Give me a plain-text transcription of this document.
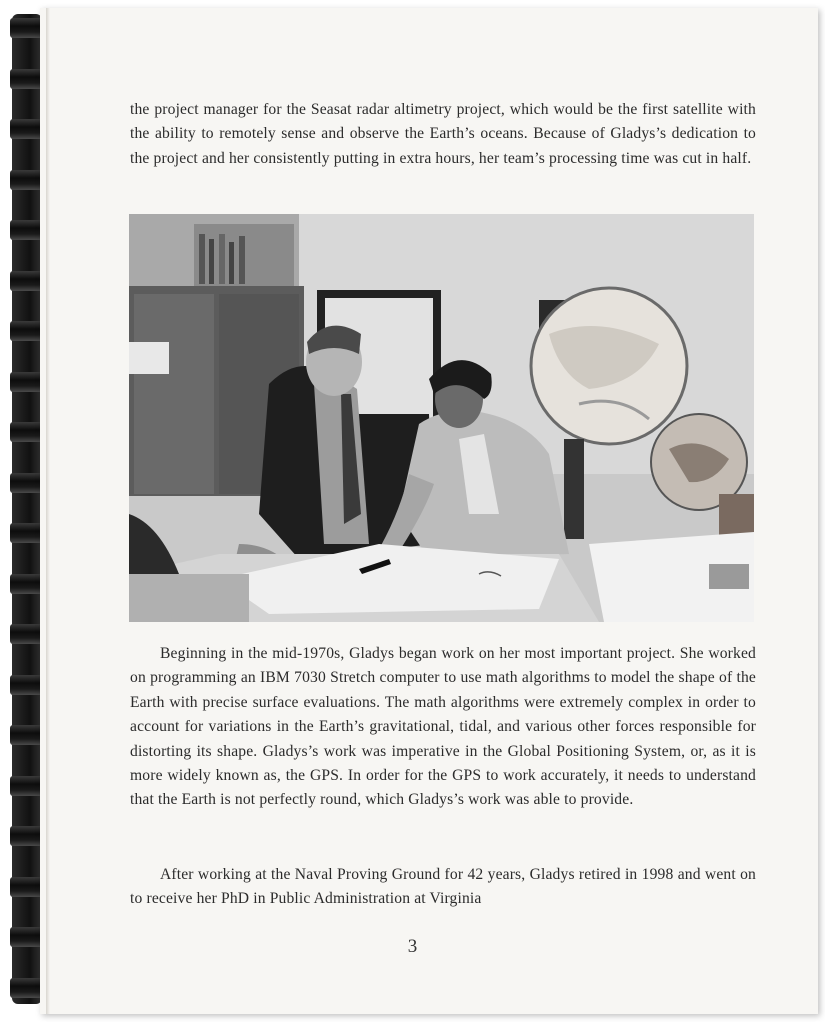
the project manager for the Seasat radar altimetry project, which would be the first satellite with the ability to remotely sense and observe the Earth’s oceans. Because of Gladys’s dedication to the project and her consistently putting in extra hours, her team’s processing time was cut in half.

Beginning in the mid-1970s, Gladys began work on her most important project. She worked on programming an IBM 7030 Stretch computer to use math algorithms to model the shape of the Earth with precise surface evaluations. The math algorithms were extremely complex in order to account for variations in the Earth’s gravitational, tidal, and various other forces responsible for distorting its shape. Gladys’s work was imperative in the Global Positioning System, or, as it is more widely known as, the GPS. In order for the GPS to work accurately, it needs to understand that the Earth is not perfectly round, which Gladys’s work was able to provide.

After working at the Naval Proving Ground for 42 years, Gladys retired in 1998 and went on to receive her PhD in Public Administration at Virginia

3
